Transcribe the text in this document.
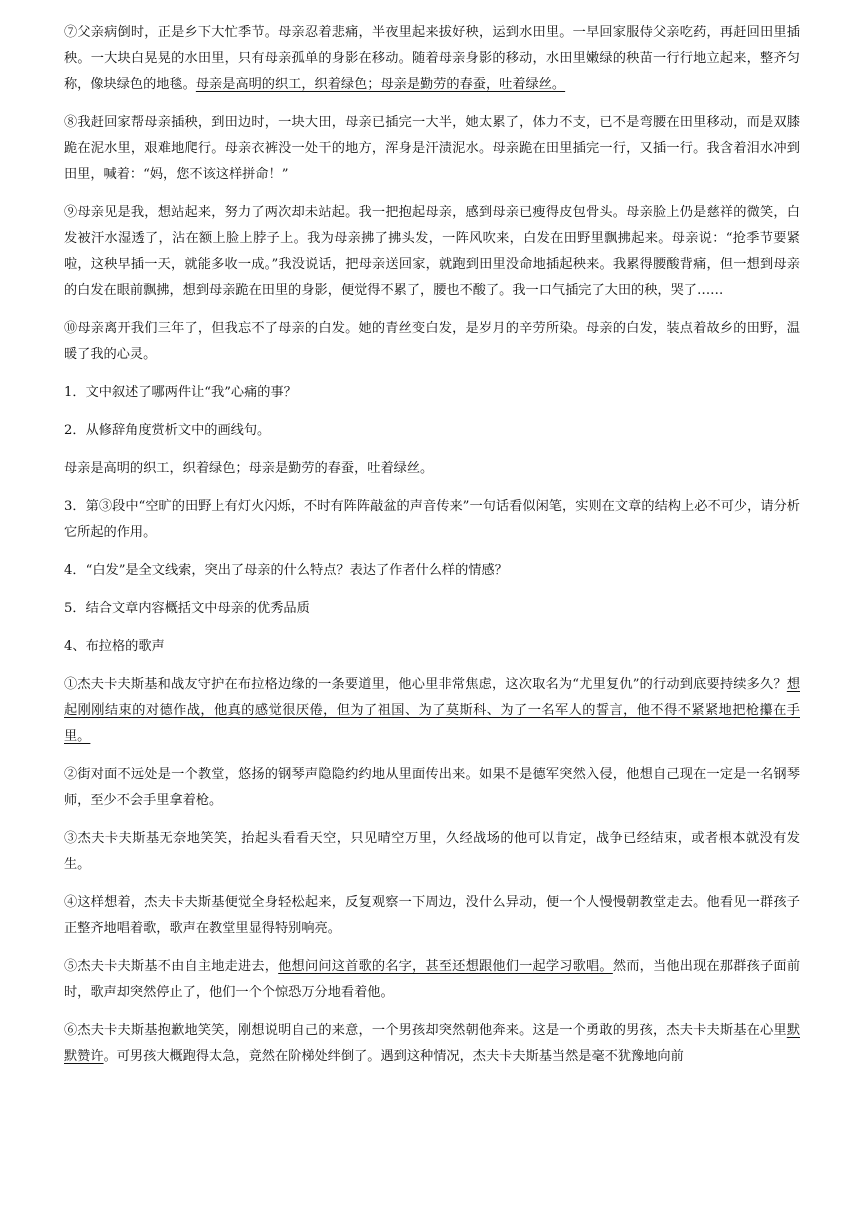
⑦父亲病倒时，正是乡下大忙季节。母亲忍着悲痛，半夜里起来拔好秧，运到水田里。一早回家服侍父亲吃药，再赶回田里插秧。一大块白晃晃的水田里，只有母亲孤单的身影在移动。随着母亲身影的移动，水田里嫩绿的秧苗一行行地立起来，整齐匀称，像块绿色的地毯。母亲是高明的织工，织着绿色；母亲是勤劳的春蚕，吐着绿丝。

⑧我赶回家帮母亲插秧，到田边时，一块大田，母亲已插完一大半，她太累了，体力不支，已不是弯腰在田里移动，而是双膝跪在泥水里，艰难地爬行。母亲衣裤没一处干的地方，浑身是汗渍泥水。母亲跪在田里插完一行，又插一行。我含着泪水冲到田里，喊着：“妈，您不该这样拼命！”

⑨母亲见是我，想站起来，努力了两次却未站起。我一把抱起母亲，感到母亲已瘦得皮包骨头。母亲脸上仍是慈祥的微笑，白发被汗水湿透了，沾在额上脸上脖子上。我为母亲拂了拂头发，一阵风吹来，白发在田野里飘拂起来。母亲说：“抢季节要紧啦，这秧早插一天，就能多收一成。”我没说话，把母亲送回家，就跑到田里没命地插起秧来。我累得腰酸背痛，但一想到母亲的白发在眼前飘拂，想到母亲跪在田里的身影，便觉得不累了，腰也不酸了。我一口气插完了大田的秧，哭了……

⑩母亲离开我们三年了，但我忘不了母亲的白发。她的青丝变白发，是岁月的辛劳所染。母亲的白发，装点着故乡的田野，温暖了我的心灵。

1．文中叙述了哪两件让“我”心痛的事？

2．从修辞角度赏析文中的画线句。

母亲是高明的织工，织着绿色；母亲是勤劳的春蚕，吐着绿丝。

3．第③段中“空旷的田野上有灯火闪烁，不时有阵阵敲盆的声音传来”一句话看似闲笔，实则在文章的结构上必不可少，请分析它所起的作用。

4．“白发”是全文线索，突出了母亲的什么特点？表达了作者什么样的情感？

5．结合文章内容概括文中母亲的优秀品质

4、布拉格的歌声

①杰夫卡夫斯基和战友守护在布拉格边缘的一条要道里，他心里非常焦虑，这次取名为“尤里复仇”的行动到底要持续多久？想起刚刚结束的对德作战，他真的感觉很厌倦，但为了祖国、为了莫斯科、为了一名军人的誓言，他不得不紧紧地把枪攥在手里。

②街对面不远处是一个教堂，悠扬的钢琴声隐隐约约地从里面传出来。如果不是德军突然入侵，他想自己现在一定是一名钢琴师，至少不会手里拿着枪。

③杰夫卡夫斯基无奈地笑笑，抬起头看看天空，只见晴空万里，久经战场的他可以肯定，战争已经结束，或者根本就没有发生。

④这样想着，杰夫卡夫斯基便觉全身轻松起来，反复观察一下周边，没什么异动，便一个人慢慢朝教堂走去。他看见一群孩子正整齐地唱着歌，歌声在教堂里显得特别响亮。

⑤杰夫卡夫斯基不由自主地走进去，他想问问这首歌的名字，甚至还想跟他们一起学习歌唱。然而，当他出现在那群孩子面前时，歌声却突然停止了，他们一个个惊恐万分地看着他。

⑥杰夫卡夫斯基抱歉地笑笑，刚想说明自己的来意，一个男孩却突然朝他奔来。这是一个勇敢的男孩，杰夫卡夫斯基在心里默默赞许。可男孩大概跑得太急，竟然在阶梯处绊倒了。遇到这种情况，杰夫卡夫斯基当然是毫不犹豫地向前
